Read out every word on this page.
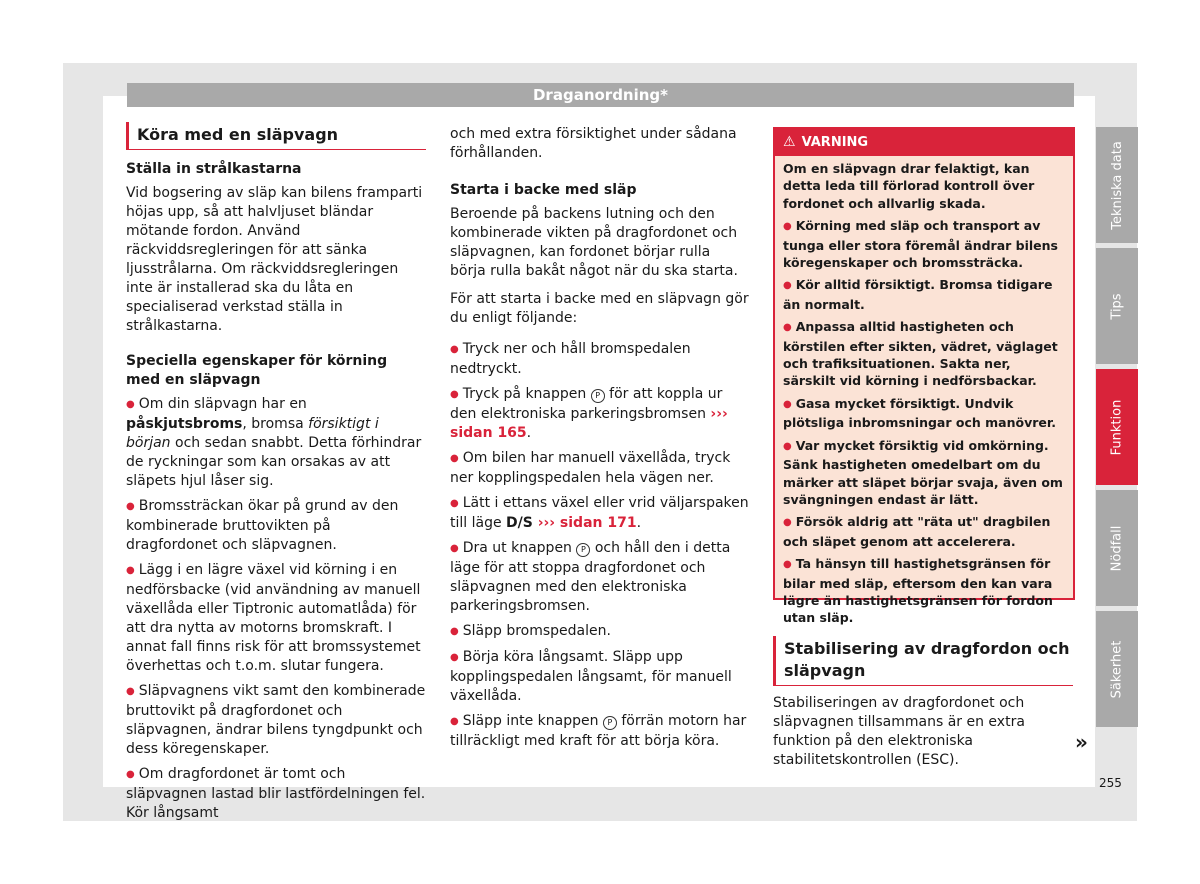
Draganordning*
Köra med en släpvagn
Ställa in strålkastarna

Vid bogsering av släp kan bilens framparti höjas upp, så att halvljuset bländar mötande fordon. Använd räckviddsregleringen för att sänka ljusstrålarna. Om räckviddsregleringen inte är installerad ska du låta en specialiserad verkstad ställa in strålkastarna.

Speciella egenskaper för körning med en släpvagn
● Om din släpvagn har en påskjutsbroms, bromsa försiktigt i början och sedan snabbt. Detta förhindrar de ryckningar som kan orsakas av att släpets hjul låser sig.
● Bromssträckan ökar på grund av den kombinerade bruttovikten på dragfordonet och släpvagnen.
● Lägg i en lägre växel vid körning i en nedförsbacke (vid användning av manuell växellåda eller Tiptronic automatlåda) för att dra nytta av motorns bromskraft. I annat fall finns risk för att bromssystemet överhettas och t.o.m. slutar fungera.
● Släpvagnens vikt samt den kombinerade bruttovikt på dragfordonet och släpvagnen, ändrar bilens tyngdpunkt och dess köregenskaper.
● Om dragfordonet är tomt och släpvagnen lastad blir lastfördelningen fel. Kör långsamt

och med extra försiktighet under sådana förhållanden.

Starta i backe med släp

Beroende på backens lutning och den kombinerade vikten på dragfordonet och släpvagnen, kan fordonet börjar rulla börja rulla bakåt något när du ska starta.

För att starta i backe med en släpvagn gör du enligt följande:

● Tryck ner och håll bromspedalen nedtryckt.
● Tryck på knappen P för att koppla ur den elektroniska parkeringsbromsen ››› sidan 165.
● Om bilen har manuell växellåda, tryck ner kopplingspedalen hela vägen ner.
● Lätt i ettans växel eller vrid väljarspaken till läge D/S ››› sidan 171.
● Dra ut knappen P och håll den i detta läge för att stoppa dragfordonet och släpvagnen med den elektroniska parkeringsbromsen.
● Släpp bromspedalen.
● Börja köra långsamt. Släpp upp kopplingspedalen långsamt, för manuell växellåda.
● Släpp inte knappen P förrän motorn har tillräckligt med kraft för att börja köra.
⚠ VARNING

Om en släpvagn drar felaktigt, kan detta leda till förlorad kontroll över fordonet och allvarlig skada.

● Körning med släp och transport av tunga eller stora föremål ändrar bilens köregenskaper och bromssträcka.
● Kör alltid försiktigt. Bromsa tidigare än normalt.
● Anpassa alltid hastigheten och körstilen efter sikten, vädret, väglaget och trafiksituationen. Sakta ner, särskilt vid körning i nedförsbackar.
● Gasa mycket försiktigt. Undvik plötsliga inbromsningar och manövrer.
● Var mycket försiktig vid omkörning. Sänk hastigheten omedelbart om du märker att släpet börjar svaja, även om svängningen endast är lätt.
● Försök aldrig att "räta ut" dragbilen och släpet genom att accelerera.
● Ta hänsyn till hastighetsgränsen för bilar med släp, eftersom den kan vara lägre än hastighetsgränsen för fordon utan släp.
Stabilisering av dragfordon och släpvagn

Stabiliseringen av dragfordonet och släpvagnen tillsammans är en extra funktion på den elektroniska stabilitetskontrollen (ESC).

»
Tekniska data
Tips
Funktion
Nödfall
Säkerhet
255
